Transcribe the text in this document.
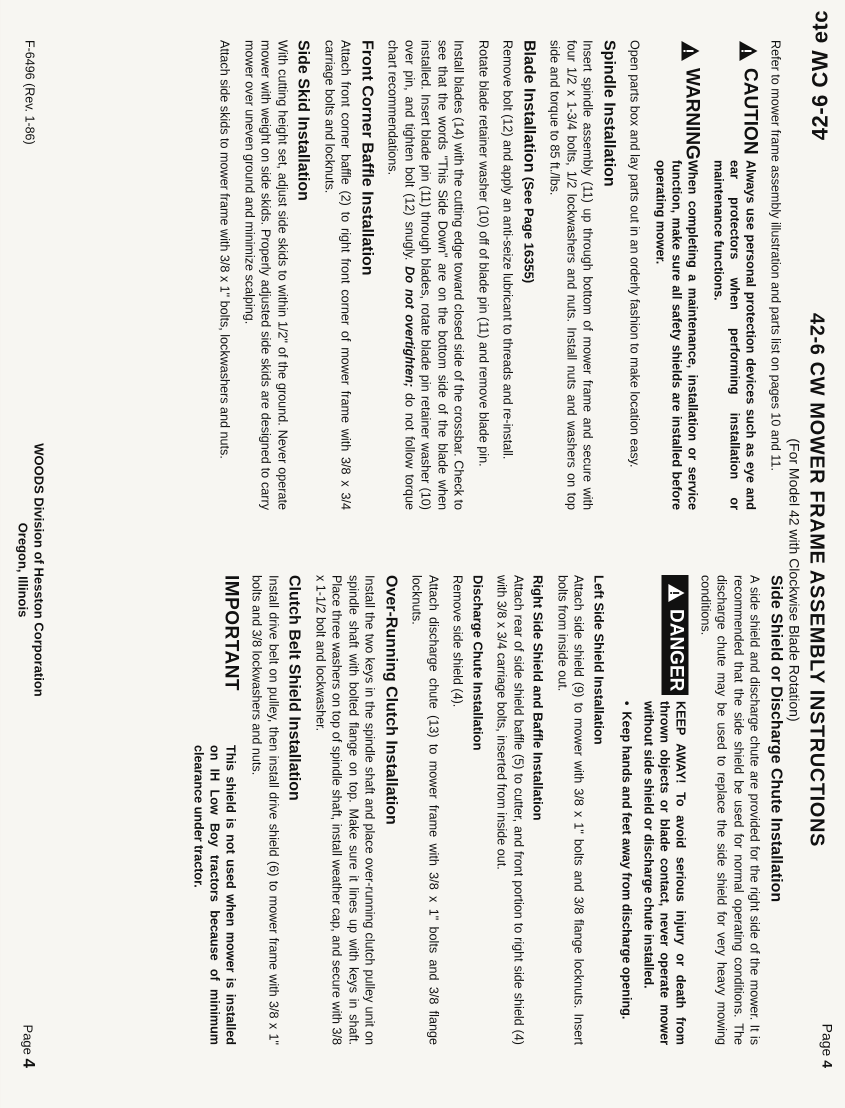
42-6 CW etc
Page 4
42-6 CW MOWER FRAME ASSEMBLY INSTRUCTIONS
(For Model 42 with Clockwise Blade Rotation)

Refer to mower frame assembly illustration and parts list on pages 10 and 11.

CAUTION
Always use personal protection devices such as eye and ear protectors when performing installation or maintenance functions.
WARNING
When completing a maintenance, installation or service function, make sure all safety shields are installed before operating mower.

Open parts box and lay parts out in an orderly fashion to make location easy.

Spindle Installation

Insert spindle assembly (11) up through bottom of mower frame and secure with four 1/2 x 1-3/4 bolts, 1/2 lockwashers and nuts. Install nuts and washers on top side and torque to 85 ft./lbs.

Blade Installation (See Page 16355)

Remove bolt (12) and apply an anti-seize lubricant to threads and re-install.

Rotate blade retainer washer (10) off of blade pin (11) and remove blade pin.

Install blades (14) with the cutting edge toward closed side of the crossbar. Check to see that the words "This Side Down" are on the bottom side of the blade when installed. Insert blade pin (11) through blades, rotate blade pin retainer washer (10) over pin, and tighten bolt (12) snugly. Do not overtighten; do not follow torque chart recommendations.

Front Corner Baffle Installation

Attach front corner baffle (2) to right front corner of mower frame with 3/8 x 3/4 carriage bolts and locknuts.

Side Skid Installation

With cutting height set, adjust side skids to within 1/2" of the ground. Never operate mower with weight on side skids. Properly adjusted side skids are designed to carry mower over uneven ground and minimize scalping.

Attach side skids to mower frame with 3/8 x 1" bolts, lockwashers and nuts.

Side Shield or Discharge Chute Installation

A side shield and discharge chute are provided for the right side of the mower. It is recommended that the side shield be used for normal operating conditions. The discharge chute may be used to replace the side shield for very heavy mowing conditions.

DANGER
KEEP AWAY! To avoid serious injury or death from thrown objects or blade contact, never operate mower without side shield or discharge chute installed.
•
Keep hands and feet away from discharge opening.
Left Side Shield Installation

Attach side shield (9) to mower with 3/8 x 1" bolts and 3/8 flange locknuts. Insert bolts from inside out.

Right Side Shield and Baffle Installation

Attach rear of side shield baffle (5) to cutter, and front portion to right side shield (4) with 3/8 x 3/4 carriage bolts, inserted from inside out.

Discharge Chute Installation

Remove side shield (4).

Attach discharge chute (13) to mower frame with 3/8 x 1" bolts and 3/8 flange locknuts.

Over-Running Clutch Installation

Install the two keys in the spindle shaft and place over-running clutch pulley unit on spindle shaft with bolted flange on top. Make sure it lines up with keys in shaft. Place three washers on top of spindle shaft, install weather cap, and secure with 3/8 x 1-1/2 bolt and lockwasher.

Clutch Belt Shield Installation

Install drive belt on pulley, then install drive shield (6) to mower frame with 3/8 x 1" bolts and 3/8 lockwashers and nuts.

IMPORTANT
This shield is not used when mower is installed on IH Low Boy tractors because of minimum clearance under tractor.
F-6496 (Rev. 1-86)
WOODS Division of Hesston Corporation
Oregon, Illinois
Page 4
